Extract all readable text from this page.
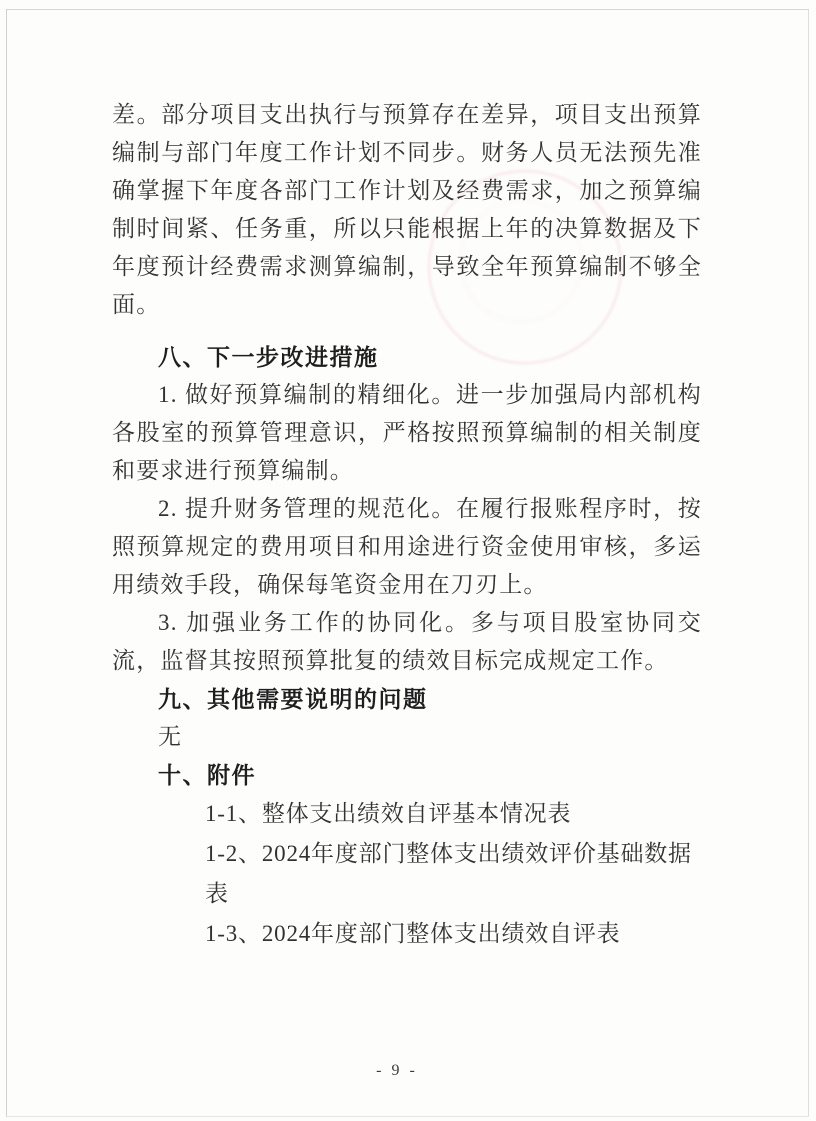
差。部分项目支出执行与预算存在差异，项目支出预算编制与部门年度工作计划不同步。财务人员无法预先准确掌握下年度各部门工作计划及经费需求，加之预算编制时间紧、任务重，所以只能根据上年的决算数据及下年度预计经费需求测算编制，导致全年预算编制不够全面。

八、下一步改进措施

1. 做好预算编制的精细化。进一步加强局内部机构各股室的预算管理意识，严格按照预算编制的相关制度和要求进行预算编制。

2. 提升财务管理的规范化。在履行报账程序时，按照预算规定的费用项目和用途进行资金使用审核，多运用绩效手段，确保每笔资金用在刀刃上。

3. 加强业务工作的协同化。多与项目股室协同交流，监督其按照预算批复的绩效目标完成规定工作。

九、其他需要说明的问题

无

十、附件

1-1、整体支出绩效自评基本情况表

1-2、2024年度部门整体支出绩效评价基础数据表

1-3、2024年度部门整体支出绩效自评表

- 9 -
